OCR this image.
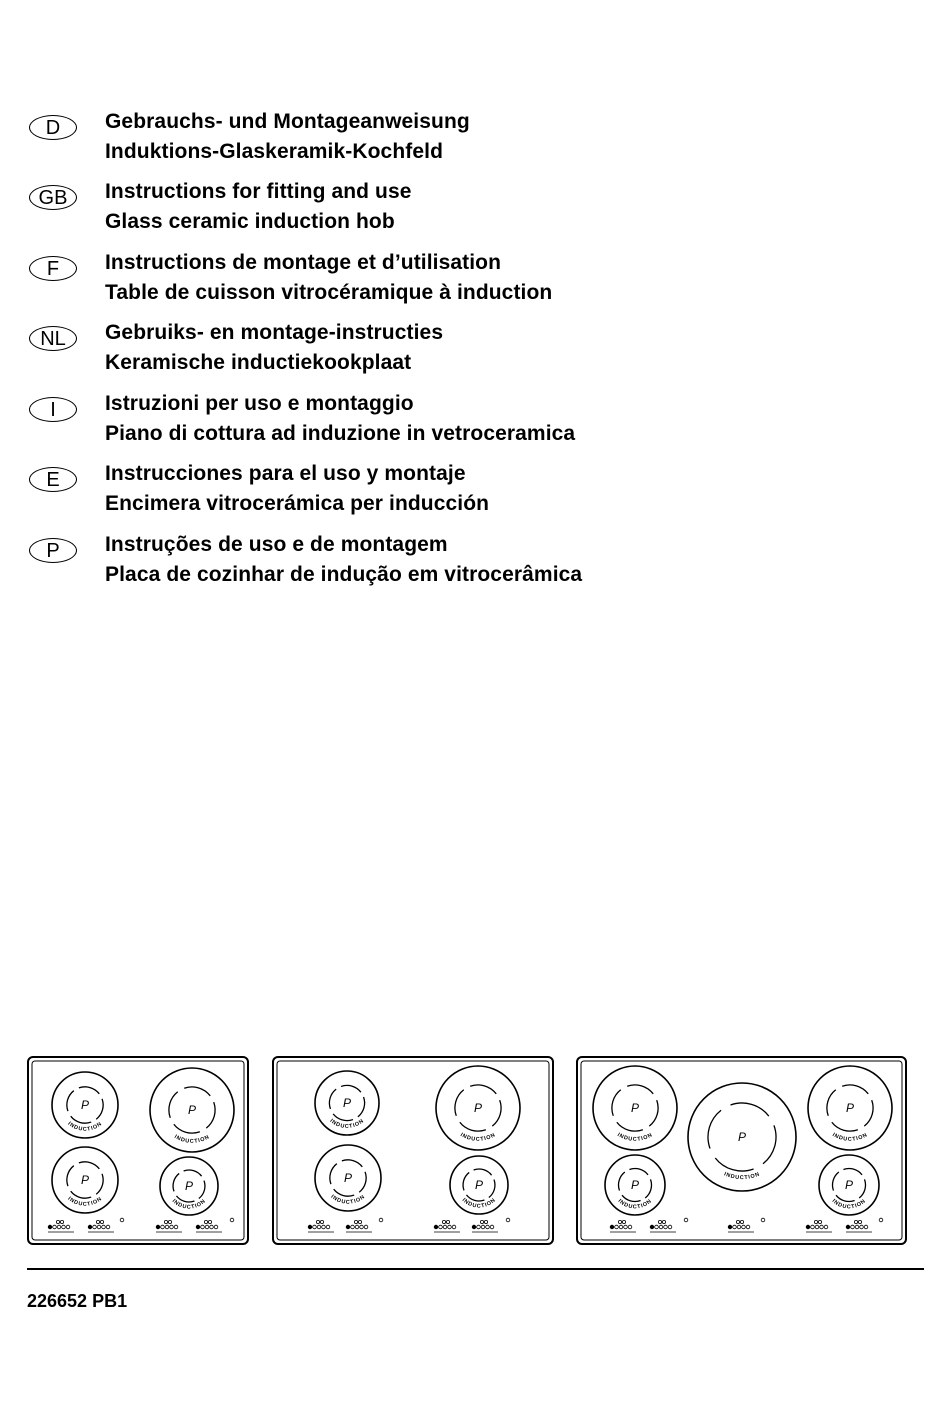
D	Gebrauchs- und Montageanweisung
Induktions-Glaskeramik-Kochfeld
GB	Instructions for fitting and use
Glass ceramic induction hob
F	Instructions de montage et d’utilisation
Table de cuisson vitrocéramique à induction
NL	Gebruiks- en montage-instructies
Keramische inductiekookplaat
I	Istruzioni per uso e montaggio
Piano di cottura ad induzione in vetroceramica
E	Instrucciones para el uso y montaje
Encimera vitrocerámica per inducción
P	Instruções de uso e de montagem
Placa de cozinhar de indução em vitrocerâmica
P
INDUCTION
P
INDUCTION
P
INDUCTION
P
INDUCTION
P
INDUCTION
P
INDUCTION
P
INDUCTION
P
INDUCTION
P
INDUCTION	P
INDUCTION
P
INDUCTION
P
INDUCTION
P
INDUCTION
226652 PB1
